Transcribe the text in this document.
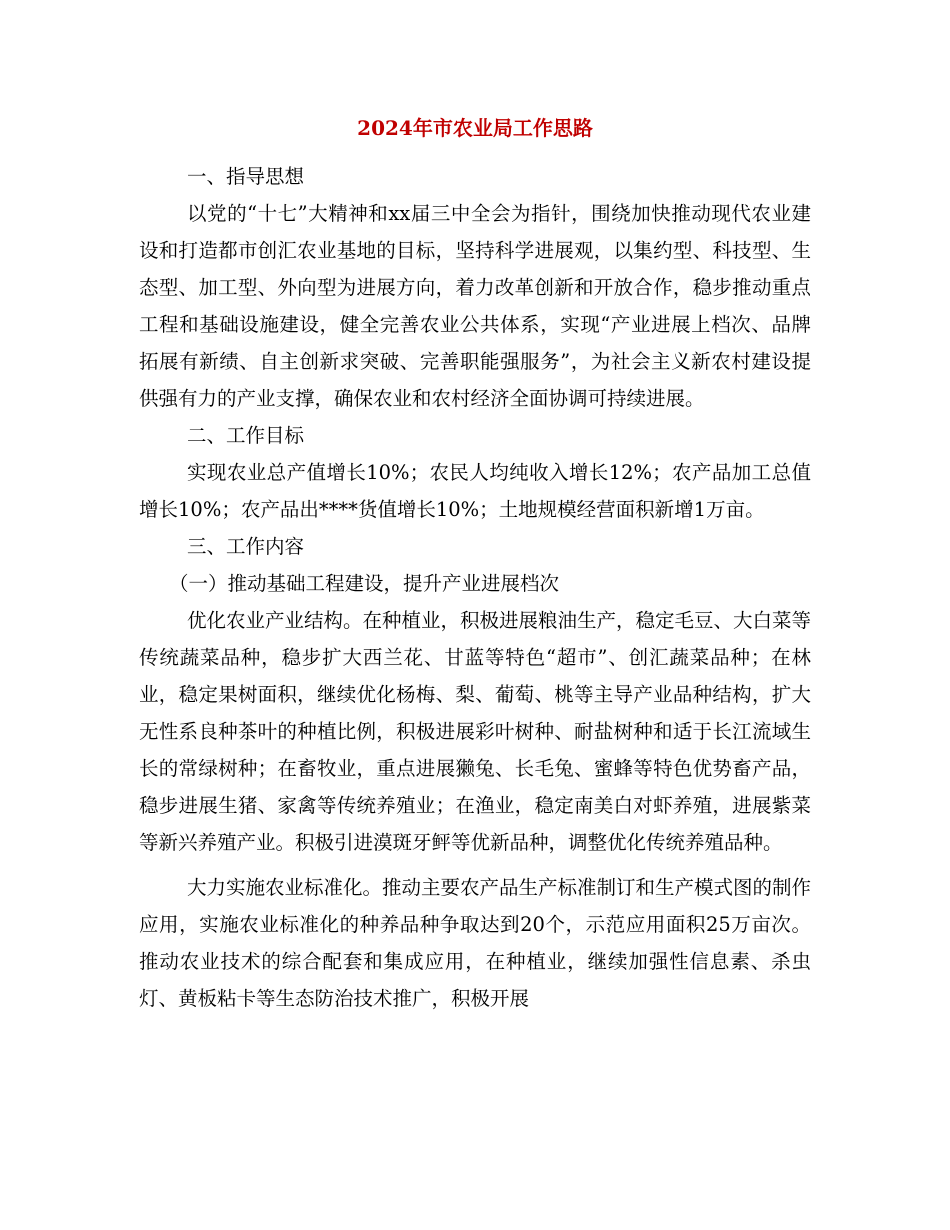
2024年市农业局工作思路
一、指导思想

以党的“十七”大精神和xx届三中全会为指针，围绕加快推动现代农业建设和打造都市创汇农业基地的目标，坚持科学进展观，以集约型、科技型、生态型、加工型、外向型为进展方向，着力改革创新和开放合作，稳步推动重点工程和基础设施建设，健全完善农业公共体系，实现“产业进展上档次、品牌拓展有新绩、自主创新求突破、完善职能强服务”，为社会主义新农村建设提供强有力的产业支撑，确保农业和农村经济全面协调可持续进展。

二、工作目标

实现农业总产值增长10%；农民人均纯收入增长12%；农产品加工总值增长10%；农产品出****货值增长10%；土地规模经营面积新增1万亩。

三、工作内容
（一）推动基础工程建设，提升产业进展档次

优化农业产业结构。在种植业，积极进展粮油生产，稳定毛豆、大白菜等传统蔬菜品种，稳步扩大西兰花、甘蓝等特色“超市”、创汇蔬菜品种；在林业，稳定果树面积，继续优化杨梅、梨、葡萄、桃等主导产业品种结构，扩大无性系良种茶叶的种植比例，积极进展彩叶树种、耐盐树种和适于长江流域生长的常绿树种；在畜牧业，重点进展獭兔、长毛兔、蜜蜂等特色优势畜产品，稳步进展生猪、家禽等传统养殖业；在渔业，稳定南美白对虾养殖，进展紫菜等新兴养殖产业。积极引进漠斑牙鲆等优新品种，调整优化传统养殖品种。

大力实施农业标准化。推动主要农产品生产标准制订和生产模式图的制作应用，实施农业标准化的种养品种争取达到20个，示范应用面积25万亩次。推动农业技术的综合配套和集成应用，在种植业，继续加强性信息素、杀虫灯、黄板粘卡等生态防治技术推广，积极开展
